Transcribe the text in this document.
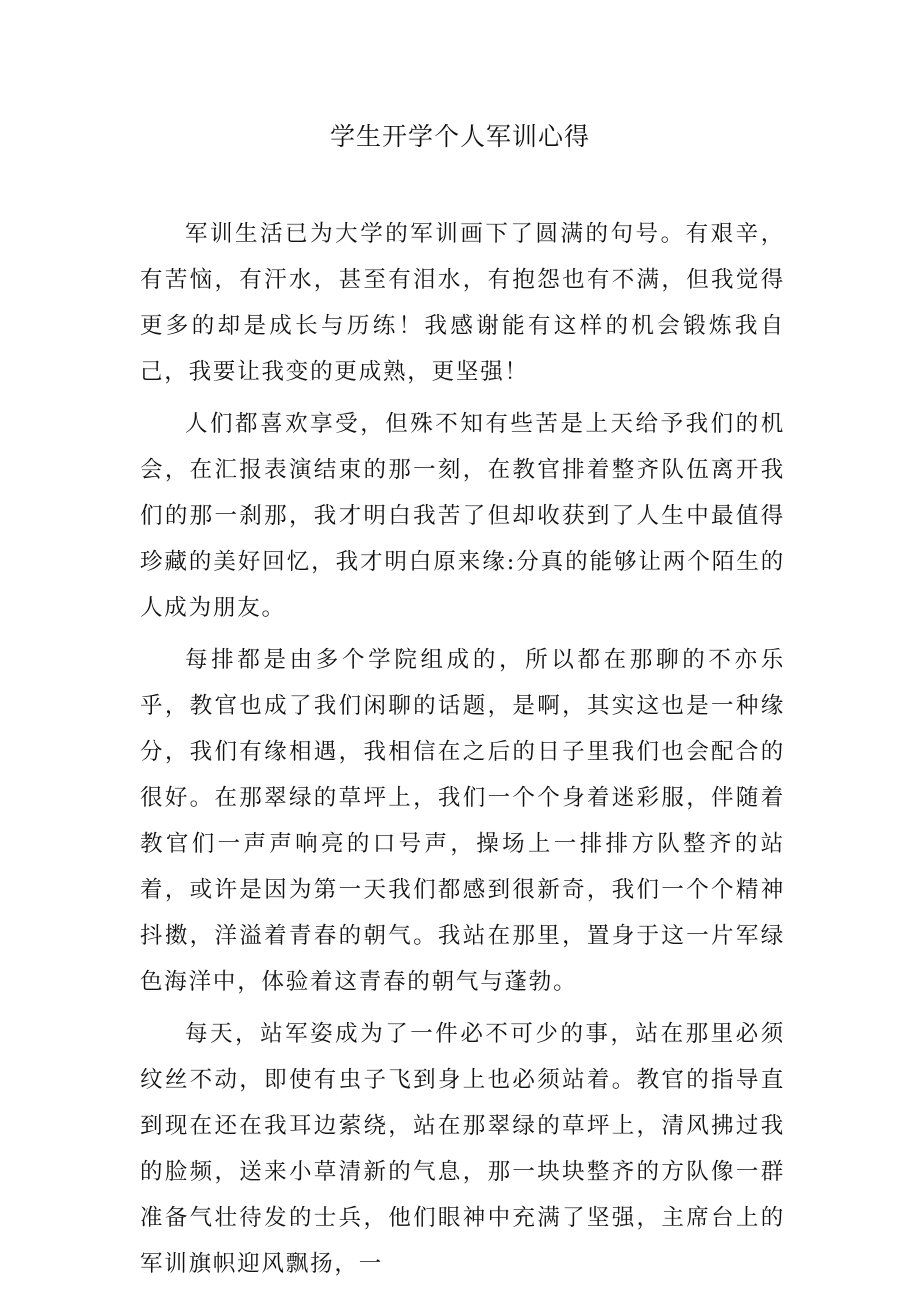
学生开学个人军训心得

军训生活已为大学的军训画下了圆满的句号。有艰辛，有苦恼，有汗水，甚至有泪水，有抱怨也有不满，但我觉得更多的却是成长与历练！我感谢能有这样的机会锻炼我自己，我要让我变的更成熟，更坚强！

人们都喜欢享受，但殊不知有些苦是上天给予我们的机会，在汇报表演结束的那一刻，在教官排着整齐队伍离开我们的那一刹那，我才明白我苦了但却收获到了人生中最值得珍藏的美好回忆，我才明白原来缘:分真的能够让两个陌生的人成为朋友。

每排都是由多个学院组成的，所以都在那聊的不亦乐乎，教官也成了我们闲聊的话题，是啊，其实这也是一种缘分，我们有缘相遇，我相信在之后的日子里我们也会配合的很好。在那翠绿的草坪上，我们一个个身着迷彩服，伴随着教官们一声声响亮的口号声，操场上一排排方队整齐的站着，或许是因为第一天我们都感到很新奇，我们一个个精神抖擞，洋溢着青春的朝气。我站在那里，置身于这一片军绿色海洋中，体验着这青春的朝气与蓬勃。

每天，站军姿成为了一件必不可少的事，站在那里必须纹丝不动，即使有虫子飞到身上也必须站着。教官的指导直到现在还在我耳边萦绕，站在那翠绿的草坪上，清风拂过我的脸频，送来小草清新的气息，那一块块整齐的方队像一群准备气壮待发的士兵，他们眼神中充满了坚强，主席台上的军训旗帜迎风飘扬，一
